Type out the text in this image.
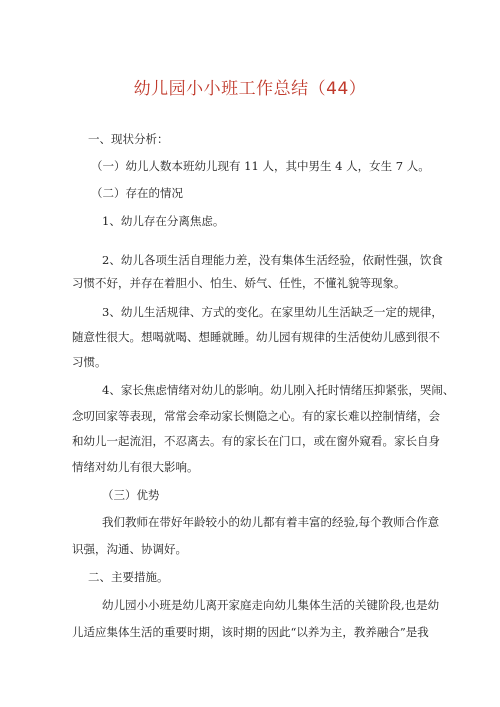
幼儿园小小班工作总结（44）
一、现状分析：
（一）幼儿人数本班幼儿现有 11 人，其中男生 4 人，女生 7 人。
（二）存在的情况
1、幼儿存在分离焦虑。
2、幼儿各项生活自理能力差，没有集体生活经验，依耐性强，饮食
习惯不好，并存在着胆小、怕生、娇气、任性，不懂礼貌等现象。
3、幼儿生活规律、方式的变化。在家里幼儿生活缺乏一定的规律，
随意性很大。想喝就喝、想睡就睡。幼儿园有规律的生活使幼儿感到很不
习惯。
4、家长焦虑情绪对幼儿的影响。幼儿刚入托时情绪压抑紧张，哭闹、
念叨回家等表现，常常会牵动家长恻隐之心。有的家长难以控制情绪，会
和幼儿一起流泪，不忍离去。有的家长在门口，或在窗外窥看。家长自身
情绪对幼儿有很大影响。
（三）优势
我们教师在带好年龄较小的幼儿都有着丰富的经验,每个教师合作意
识强，沟通、协调好。
二、主要措施。
幼儿园小小班是幼儿离开家庭走向幼儿集体生活的关键阶段,也是幼
儿适应集体生活的重要时期，该时期的因此“以养为主，教养融合”是我
